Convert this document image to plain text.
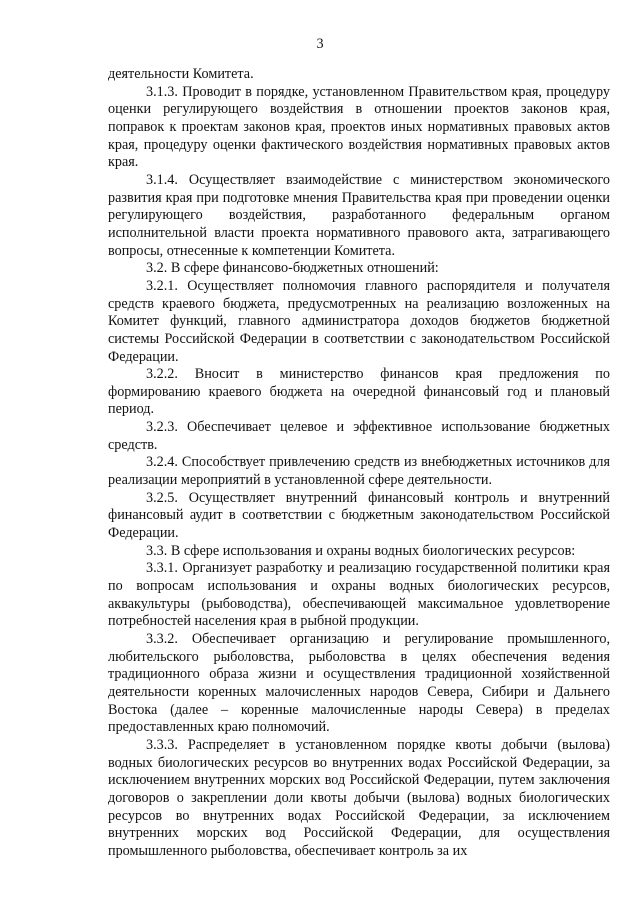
3

деятельности Комитета.

3.1.3. Проводит в порядке, установленном Правительством края, процедуру оценки регулирующего воздействия в отношении проектов законов края, поправок к проектам законов края, проектов иных нормативных правовых актов края, процедуру оценки фактического воздействия нормативных правовых актов края.

3.1.4. Осуществляет взаимодействие с министерством экономического развития края при подготовке мнения Правительства края при проведении оценки регулирующего воздействия, разработанного федеральным органом исполнительной власти проекта нормативного правового акта, затрагивающего вопросы, отнесенные к компетенции Комитета.

3.2. В сфере финансово-бюджетных отношений:

3.2.1. Осуществляет полномочия главного распорядителя и получателя средств краевого бюджета, предусмотренных на реализацию возложенных на Комитет функций, главного администратора доходов бюджетов бюджетной системы Российской Федерации в соответствии с законодательством Российской Федерации.

3.2.2. Вносит в министерство финансов края предложения по формированию краевого бюджета на очередной финансовый год и плановый период.

3.2.3. Обеспечивает целевое и эффективное использование бюджетных средств.

3.2.4. Способствует привлечению средств из внебюджетных источников для реализации мероприятий в установленной сфере деятельности.

3.2.5. Осуществляет внутренний финансовый контроль и внутренний финансовый аудит в соответствии с бюджетным законодательством Российской Федерации.

3.3. В сфере использования и охраны водных биологических ресурсов:

3.3.1. Организует разработку и реализацию государственной политики края по вопросам использования и охраны водных биологических ресурсов, аквакультуры (рыбоводства), обеспечивающей максимальное удовлетворение потребностей населения края в рыбной продукции.

3.3.2. Обеспечивает организацию и регулирование промышленного, любительского рыболовства, рыболовства в целях обеспечения ведения традиционного образа жизни и осуществления традиционной хозяйственной деятельности коренных малочисленных народов Севера, Сибири и Дальнего Востока (далее – коренные малочисленные народы Севера) в пределах предоставленных краю полномочий.

3.3.3. Распределяет в установленном порядке квоты добычи (вылова) водных биологических ресурсов во внутренних водах Российской Федерации, за исключением внутренних морских вод Российской Федерации, путем заключения договоров о закреплении доли квоты добычи (вылова) водных биологических ресурсов во внутренних водах Российской Федерации, за исключением внутренних морских вод Российской Федерации, для осуществления промышленного рыболовства, обеспечивает контроль за их
